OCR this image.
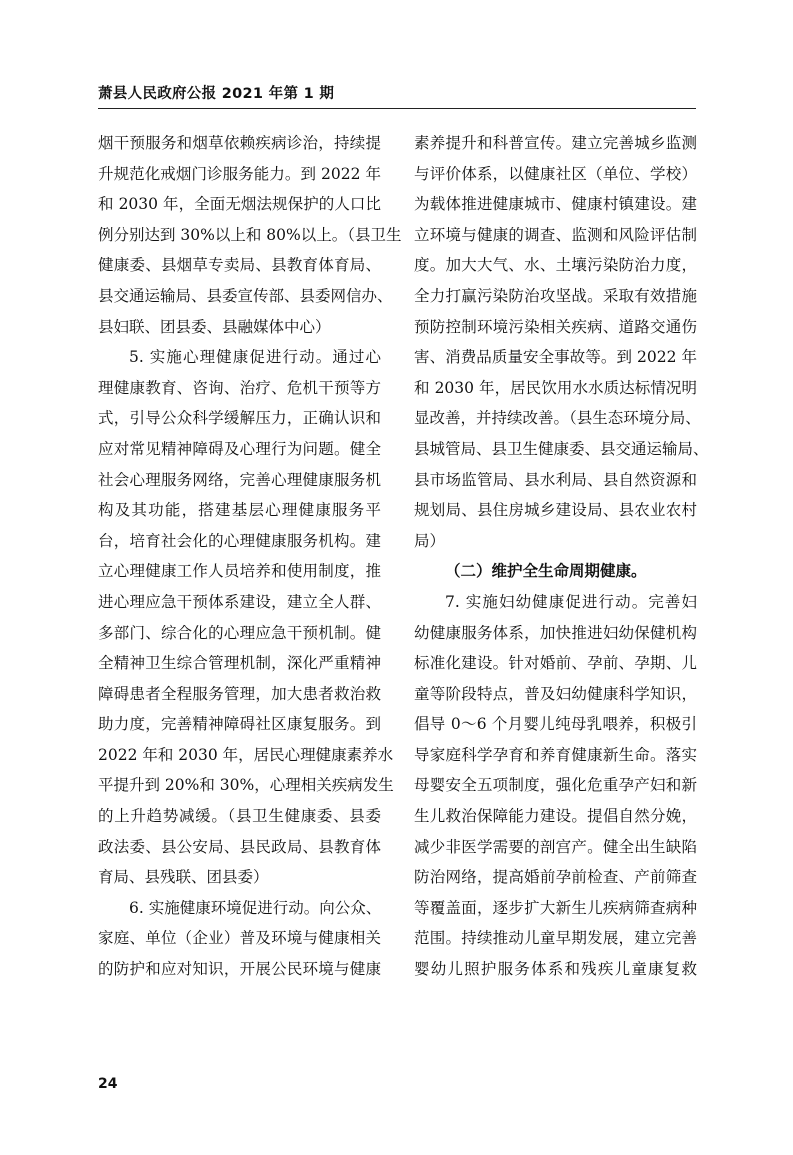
萧县人民政府公报 2021 年第 1 期
烟干预服务和烟草依赖疾病诊治，持续提
升规范化戒烟门诊服务能力。到 2022 年
和 2030 年，全面无烟法规保护的人口比
例分别达到 30%以上和 80%以上。（县卫生
健康委、县烟草专卖局、县教育体育局、
县交通运输局、县委宣传部、县委网信办、
县妇联、团县委、县融媒体中心）
5. 实施心理健康促进行动。通过心
理健康教育、咨询、治疗、危机干预等方
式，引导公众科学缓解压力，正确认识和
应对常见精神障碍及心理行为问题。健全
社会心理服务网络，完善心理健康服务机
构及其功能，搭建基层心理健康服务平
台，培育社会化的心理健康服务机构。建
立心理健康工作人员培养和使用制度，推
进心理应急干预体系建设，建立全人群、
多部门、综合化的心理应急干预机制。健
全精神卫生综合管理机制，深化严重精神
障碍患者全程服务管理，加大患者救治救
助力度，完善精神障碍社区康复服务。到
2022 年和 2030 年，居民心理健康素养水
平提升到 20%和 30%，心理相关疾病发生
的上升趋势减缓。（县卫生健康委、县委
政法委、县公安局、县民政局、县教育体
育局、县残联、团县委）
6. 实施健康环境促进行动。向公众、
家庭、单位（企业）普及环境与健康相关
的防护和应对知识，开展公民环境与健康
素养提升和科普宣传。建立完善城乡监测
与评价体系，以健康社区（单位、学校）
为载体推进健康城市、健康村镇建设。建
立环境与健康的调查、监测和风险评估制
度。加大大气、水、土壤污染防治力度，
全力打赢污染防治攻坚战。采取有效措施
预防控制环境污染相关疾病、道路交通伤
害、消费品质量安全事故等。到 2022 年
和 2030 年，居民饮用水水质达标情况明
显改善，并持续改善。（县生态环境分局、
县城管局、县卫生健康委、县交通运输局、
县市场监管局、县水利局、县自然资源和
规划局、县住房城乡建设局、县农业农村
局）
（二）维护全生命周期健康。
7. 实施妇幼健康促进行动。完善妇
幼健康服务体系，加快推进妇幼保健机构
标准化建设。针对婚前、孕前、孕期、儿
童等阶段特点，普及妇幼健康科学知识，
倡导 0～6 个月婴儿纯母乳喂养，积极引
导家庭科学孕育和养育健康新生命。落实
母婴安全五项制度，强化危重孕产妇和新
生儿救治保障能力建设。提倡自然分娩，
减少非医学需要的剖宫产。健全出生缺陷
防治网络，提高婚前孕前检查、产前筛查
等覆盖面，逐步扩大新生儿疾病筛查病种
范围。持续推动儿童早期发展，建立完善
婴幼儿照护服务体系和残疾儿童康复救
24
